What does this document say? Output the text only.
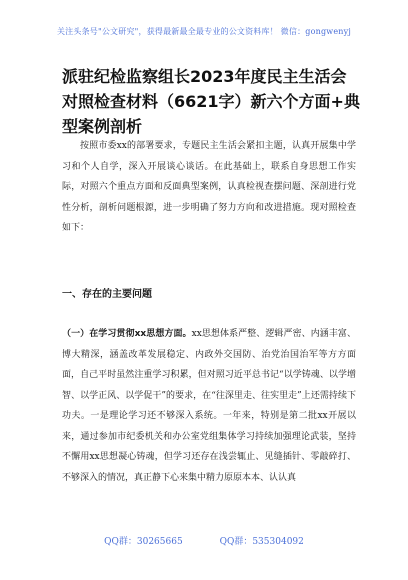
关注头条号"公文研究"，获得最新最全最专业的公文资料库！ 微信：gongwenyj
派驻纪检监察组长2023年度民主生活会对照检查材料（6621字）新六个方面+典型案例剖析

按照市委xx的部署要求，专题民主生活会紧扣主题，认真开展集中学习和个人自学，深入开展谈心谈话。在此基础上，联系自身思想工作实际，对照六个重点方面和反面典型案例，认真检视查摆问题、深剖进行党性分析，剖析问题根源，进一步明确了努力方向和改进措施。现对照检查如下：

一、存在的主要问题

（一）在学习贯彻xx思想方面。xx思想体系严整、逻辑严密、内涵丰富、博大精深，涵盖改革发展稳定、内政外交国防、治党治国治军等方方面面，自己平时虽然注重学习积累，但对照习近平总书记“以学铸魂、以学增智、以学正风、以学促干”的要求，在“往深里走、往实里走”上还需持续下功夫。一是理论学习还不够深入系统。一年来，特别是第二批xx开展以来，通过参加市纪委机关和办公室党组集体学习持续加强理论武装，坚持不懈用xx思想凝心铸魂，但学习还存在浅尝辄止、见缝插针、零敲碎打、不够深入的情况，真正静下心来集中精力原原本本、认认真

QQ群：30265665	QQ群：535304092
